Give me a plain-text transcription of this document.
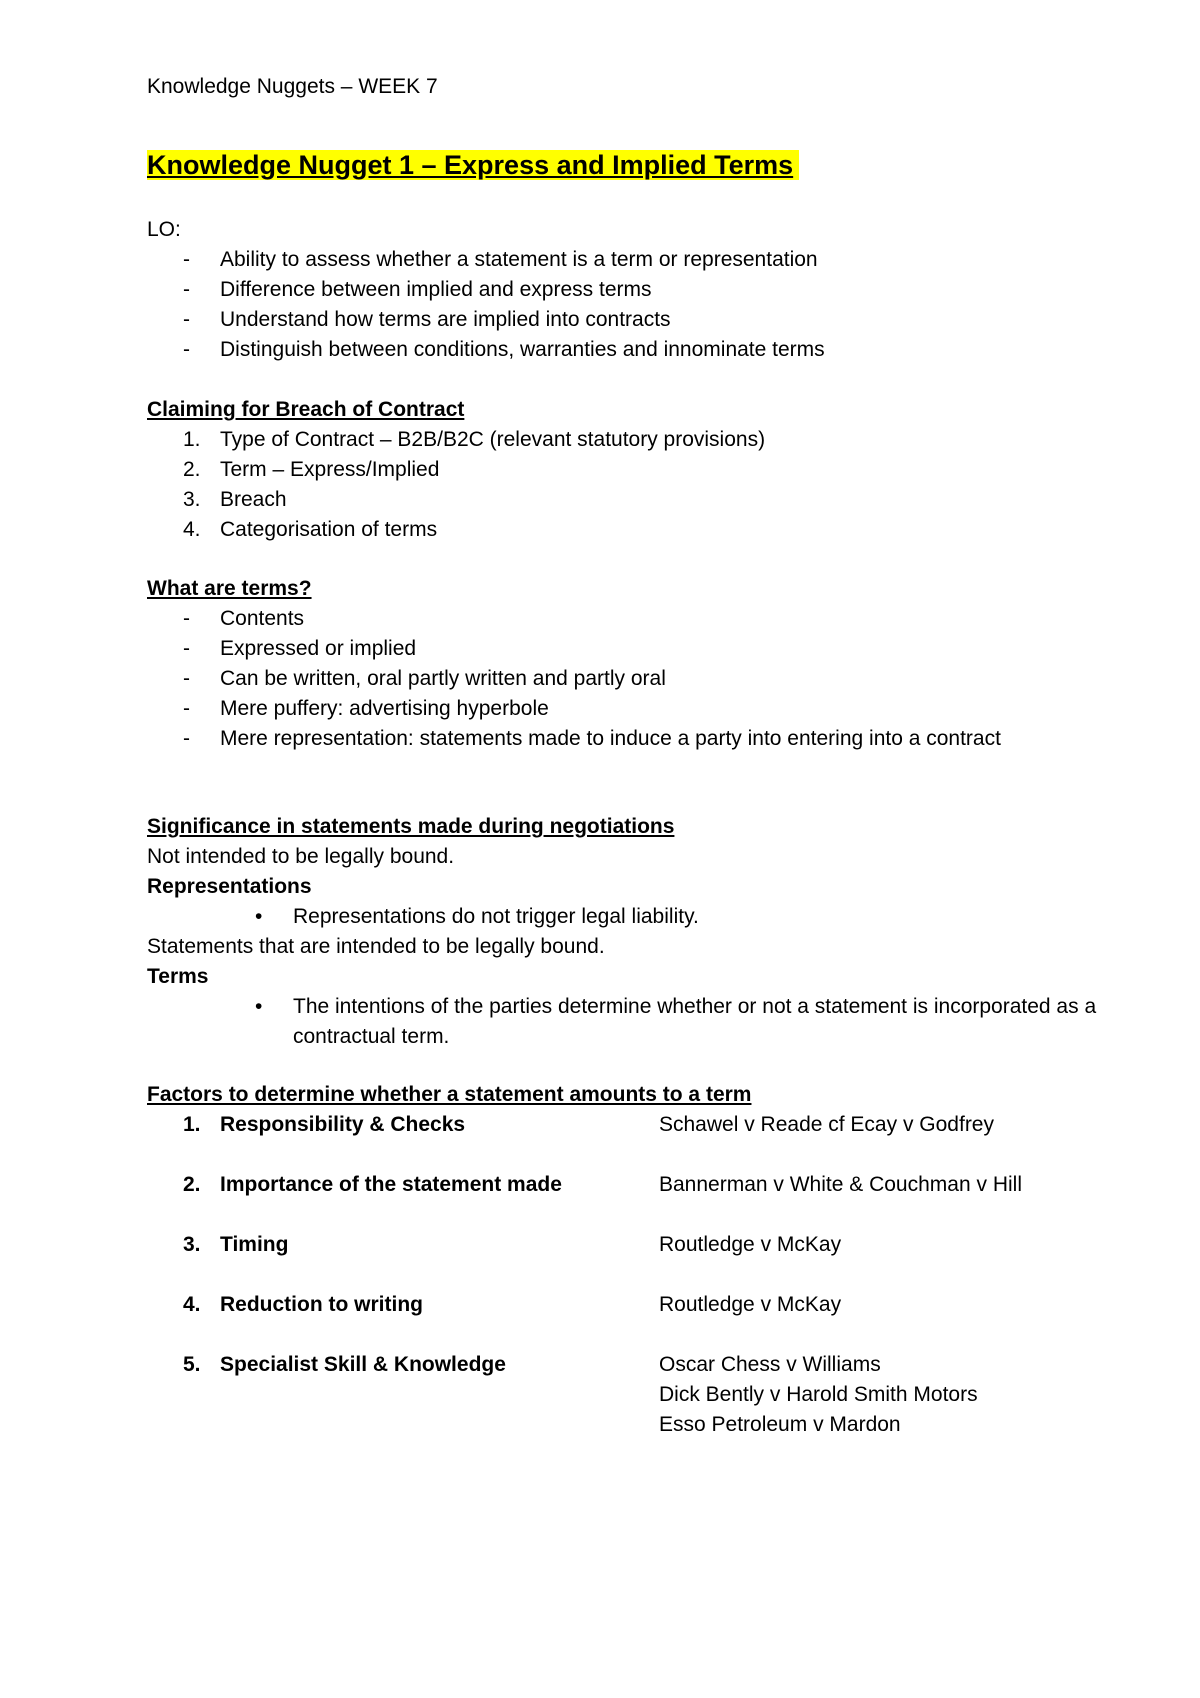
Knowledge Nuggets – WEEK 7
Knowledge Nugget 1 – Express and Implied Terms
LO:
-	Ability to assess whether a statement is a term or representation
-	Difference between implied and express terms
-	Understand how terms are implied into contracts
-	Distinguish between conditions, warranties and innominate terms
Claiming for Breach of Contract
1. Type of Contract – B2B/B2C (relevant statutory provisions)
2. Term – Express/Implied
3. Breach
4. Categorisation of terms
What are terms?
-	Contents
-	Expressed or implied
-	Can be written, oral partly written and partly oral
-	Mere puffery: advertising hyperbole
-	Mere representation: statements made to induce a party into entering into a contract
Significance in statements made during negotiations
Not intended to be legally bound.
Representations
• Representations do not trigger legal liability.
Statements that are intended to be legally bound.
Terms
• The intentions of the parties determine whether or not a statement is incorporated as a contractual term.
Factors to determine whether a statement amounts to a term
1. Responsibility & Checks	Schawel v Reade cf Ecay v Godfrey
2. Importance of the statement made	Bannerman v White & Couchman v Hill
3. Timing	Routledge v McKay
4. Reduction to writing	Routledge v McKay
5. Specialist Skill & Knowledge	Oscar Chess v Williams
Dick Bently v Harold Smith Motors
Esso Petroleum v Mardon
